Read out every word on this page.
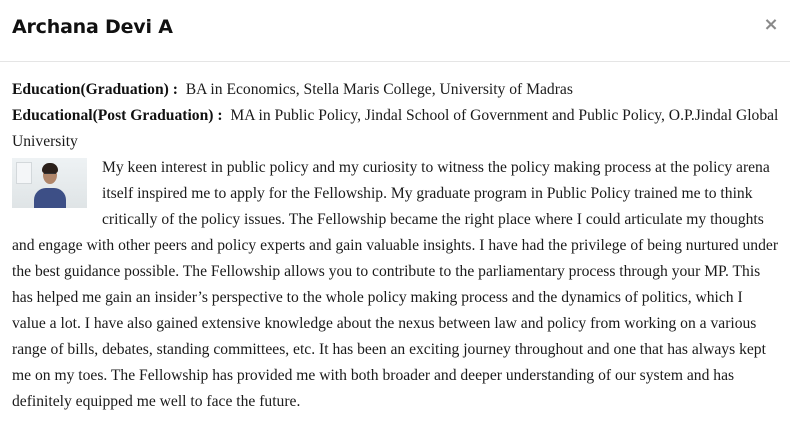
Archana Devi A	×

Education(Graduation) : BA in Economics, Stella Maris College, University of Madras

Educational(Post Graduation) : MA in Public Policy, Jindal School of Government and Public Policy, O.P.Jindal Global University

My keen interest in public policy and my curiosity to witness the policy making process at the policy arena itself inspired me to apply for the Fellowship. My graduate program in Public Policy trained me to think critically of the policy issues. The Fellowship became the right place where I could articulate my thoughts and engage with other peers and policy experts and gain valuable insights. I have had the privilege of being nurtured under the best guidance possible. The Fellowship allows you to contribute to the parliamentary process through your MP. This has helped me gain an insider’s perspective to the whole policy making process and the dynamics of politics, which I value a lot. I have also gained extensive knowledge about the nexus between law and policy from working on a various range of bills, debates, standing committees, etc. It has been an exciting journey throughout and one that has always kept me on my toes. The Fellowship has provided me with both broader and deeper understanding of our system and has definitely equipped me well to face the future.
